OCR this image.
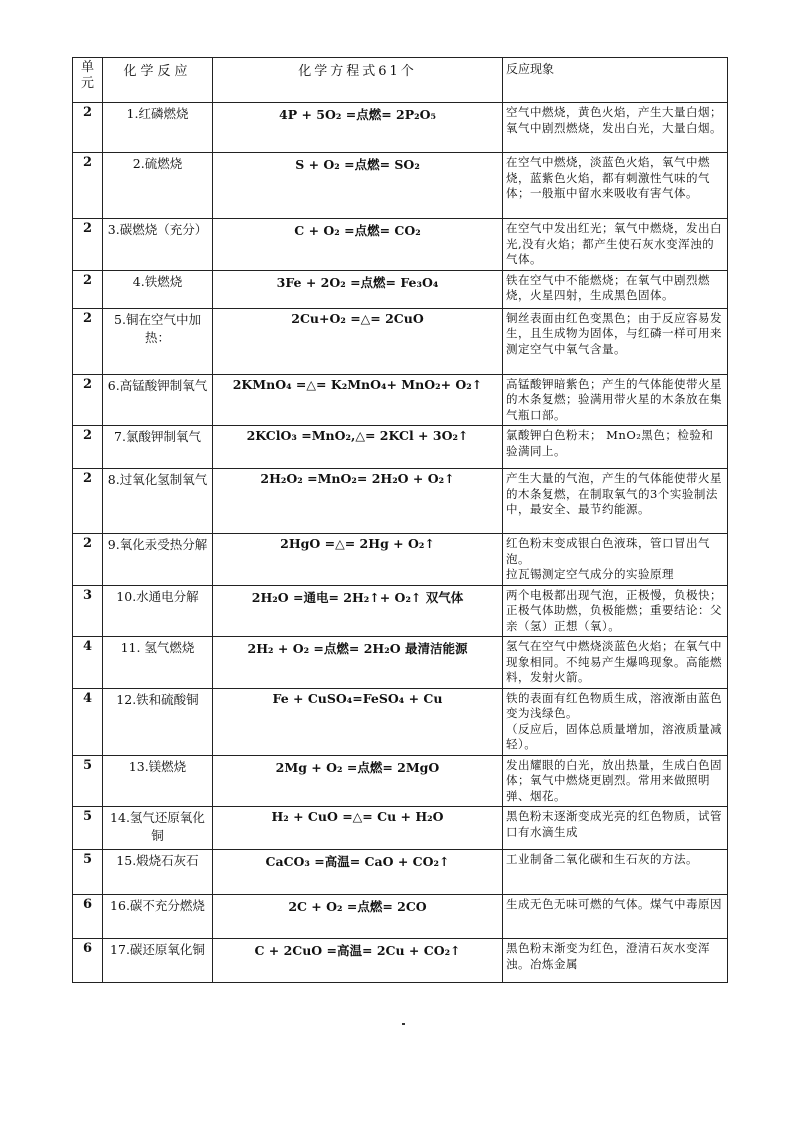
单元	化学反应	化学方程式61个	反应现象
2	1.红磷燃烧	4P + 5O₂ =点燃= 2P₂O₅	空气中燃烧，黄色火焰，产生大量白烟；氧气中剧烈燃烧，发出白光，大量白烟。
2	2.硫燃烧	S + O₂ =点燃= SO₂	在空气中燃烧，淡蓝色火焰，氧气中燃烧，蓝紫色火焰，都有刺激性气味的气体；一般瓶中留水来吸收有害气体。
2	3.碳燃烧（充分）	C + O₂ =点燃= CO₂	在空气中发出红光；氧气中燃烧，发出白光,没有火焰；都产生使石灰水变浑浊的气体。
2	4.铁燃烧	3Fe + 2O₂ =点燃= Fe₃O₄	铁在空气中不能燃烧；在氧气中剧烈燃烧，火星四射，生成黑色固体。
2	5.铜在空气中加热：	2Cu+O₂ =△= 2CuO	铜丝表面由红色变黑色；由于反应容易发生，且生成物为固体，与红磷一样可用来测定空气中氧气含量。
2	6.高锰酸钾制氧气	2KMnO₄ =△= K₂MnO₄+ MnO₂+ O₂↑	高锰酸钾暗紫色；产生的气体能使带火星的木条复燃；验满用带火星的木条放在集气瓶口部。
2	7.氯酸钾制氧气	2KClO₃ =MnO₂,△= 2KCl + 3O₂↑	氯酸钾白色粉末； MnO₂黑色；检验和验满同上。
2	8.过氧化氢制氧气	2H₂O₂ =MnO₂= 2H₂O + O₂↑	产生大量的气泡，产生的气体能使带火星的木条复燃，在制取氧气的3个实验制法中，最安全、最节约能源。
2	9.氧化汞受热分解	2HgO =△= 2Hg + O₂↑	红色粉末变成银白色液珠，管口冒出气泡。
拉瓦锡测定空气成分的实验原理
3	10.水通电分解	2H₂O =通电= 2H₂↑+ O₂↑ 双气体	两个电极都出现气泡，正极慢，负极快；正极气体助燃，负极能燃；重要结论：父亲（氢）正想（氧）。
4	11. 氢气燃烧	2H₂ + O₂ =点燃= 2H₂O 最清洁能源	氢气在空气中燃烧淡蓝色火焰；在氧气中现象相同。不纯易产生爆鸣现象。高能燃料，发射火箭。
4	12.铁和硫酸铜	Fe + CuSO₄=FeSO₄ + Cu	铁的表面有红色物质生成，溶液渐由蓝色变为浅绿色。
（反应后，固体总质量增加，溶液质量减轻）。
5	13.镁燃烧	2Mg + O₂ =点燃= 2MgO	发出耀眼的白光，放出热量，生成白色固体；氧气中燃烧更剧烈。常用来做照明弹、烟花。
5	14.氢气还原氧化铜	H₂ + CuO =△= Cu + H₂O	黑色粉末逐渐变成光亮的红色物质，试管口有水滴生成
5	15.煅烧石灰石	CaCO₃ =高温= CaO + CO₂↑	工业制备二氧化碳和生石灰的方法。
6	16.碳不充分燃烧	2C + O₂ =点燃= 2CO	生成无色无味可燃的气体。煤气中毒原因
6	17.碳还原氧化铜	C + 2CuO =高温= 2Cu + CO₂↑	黑色粉末渐变为红色，澄清石灰水变浑浊。冶炼金属
